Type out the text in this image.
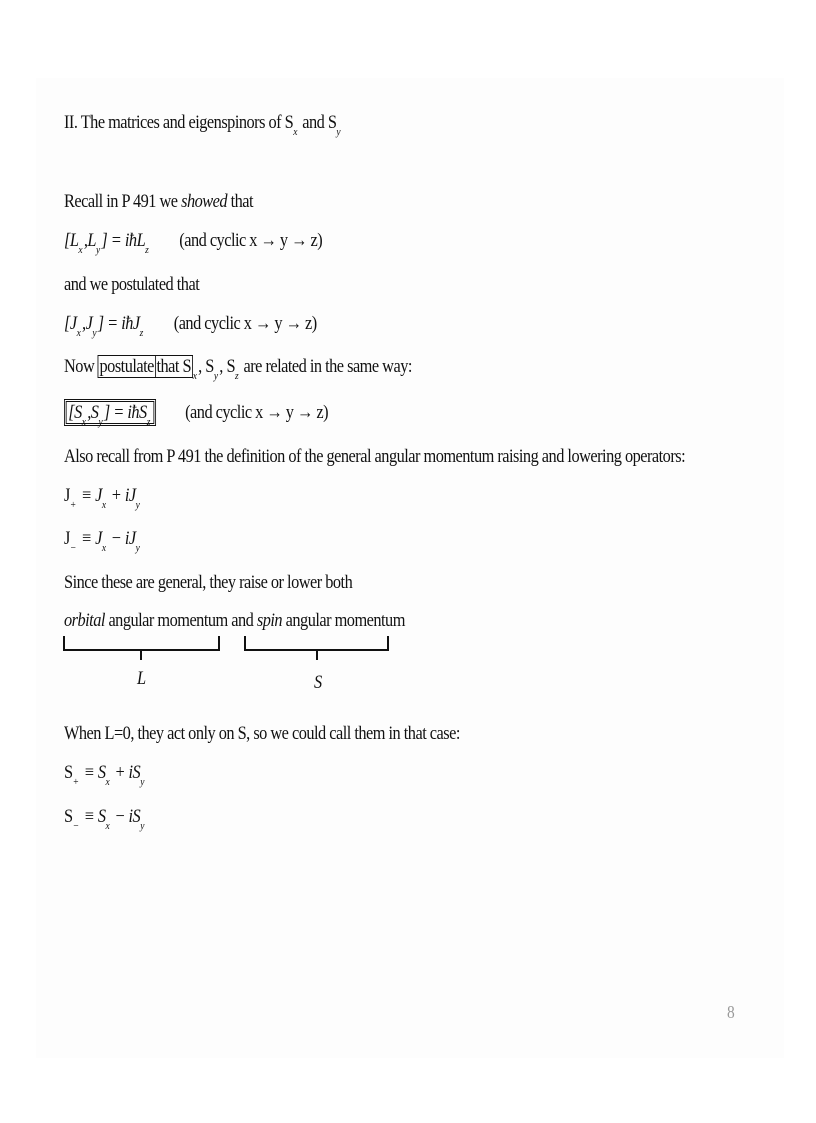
II. The matrices and eigenspinors of $S_x$ and $S_y$
Recall in P 491 we showed that
$[L_x,L_y]$ = iħL$_z$ (and cyclic x → y → z)
and we postulated that
$[J_x,J_y]$ = iħJ$_z$ (and cyclic x → y → z)
Now postulate that S $_x$, $S_y$, $S_z$ are related in the same way:
$[S_x,S_y]$ = iħS$_z$ (and cyclic x → y → z)
Also recall from P 491 the definition of the general angular momentum raising and lowering operators:
$J_+ \equiv J_x + iJ_y$
$J_- \equiv J_x - iJ_y$
Since these are general, they raise or lower both
orbital angular momentum and spin angular momentum
L	S
When L=0, they act only on S, so we could call them in that case:
$S_+ \equiv S_x + iS_y$
$S_- \equiv S_x - iS_y$
8
